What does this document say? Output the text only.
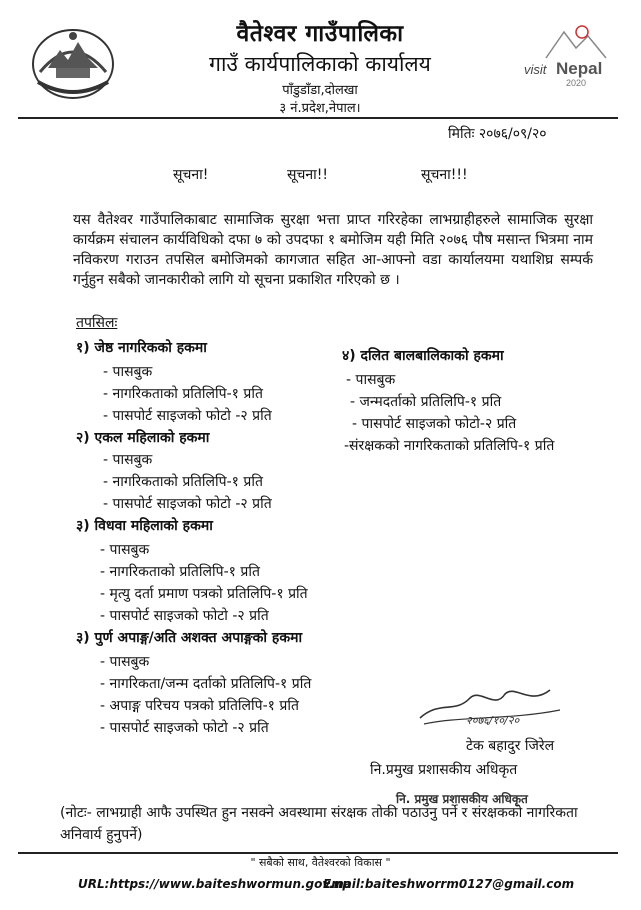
visit Nepal
2020
वैतेश्वर गाउँपालिका
गाउँ कार्यपालिकाको कार्यालय
पाँडुडाँडा,दोलखा
३ नं.प्रदेश,नेपाल।
मितिः २०७६/०९/२०
सूचना!	सूचना!!	सूचना!!!
यस वैतेश्वर गाउँपालिकाबाट सामाजिक सुरक्षा भत्ता प्राप्त गरिरहेका लाभग्राहीहरुले सामाजिक सुरक्षा कार्यक्रम संचालन कार्यविधिको दफा ७ को उपदफा १ बमोजिम यही मिति २०७६ पौष मसान्त भित्रमा नाम नविकरण गराउन तपसिल बमोजिमको कागजात सहित आ-आफ्नो वडा कार्यालयमा यथाशिघ्र सम्पर्क गर्नुहुन सबैको जानकारीको लागि यो सूचना प्रकाशित गरिएको छ ।
तपसिलः
१) जेष्ठ नागरिकको हकमा
- पासबुक
- नागरिकताको प्रतिलिपि-१ प्रति
- पासपोर्ट साइजको फोटो -२ प्रति
२) एकल महिलाको हकमा
- पासबुक
- नागरिकताको प्रतिलिपि-१ प्रति
- पासपोर्ट साइजको फोटो -२ प्रति
३) विधवा महिलाको हकमा
- पासबुक
- नागरिकताको प्रतिलिपि-१ प्रति
- मृत्यु दर्ता प्रमाण पत्रको प्रतिलिपि-१ प्रति
- पासपोर्ट साइजको फोटो -२ प्रति
३) पुर्ण अपाङ्ग/अति अशक्त अपाङ्गको हकमा
- पासबुक
- नागरिकता/जन्म दर्ताको प्रतिलिपि-१ प्रति
- अपाङ्ग परिचय पत्रको प्रतिलिपि-१ प्रति
- पासपोर्ट साइजको फोटो -२ प्रति
४) दलित बालबालिकाको हकमा
- पासबुक
- जन्मदर्ताको प्रतिलिपि-१ प्रति
- पासपोर्ट साइजको फोटो-२ प्रति
-संरक्षकको नागरिकताको प्रतिलिपि-१ प्रति
२०७६/१०/२०
टेक बहादुर जिरेल
नि.प्रमुख प्रशासकीय अधिकृत
नि. प्रमुख प्रशासकीय अधिकृत
(नोटः- लाभग्राही आफै उपस्थित हुन नसक्ने अवस्थामा संरक्षक तोकी पठाउनु पर्ने र संरक्षकको नागरिकता अनिवार्य हुनुपर्ने)
" सबैको साथ, वैतेश्वरको विकास "
URL:https://www.baiteshwormun.gov.np
Email:baiteshworrm0127@gmail.com
